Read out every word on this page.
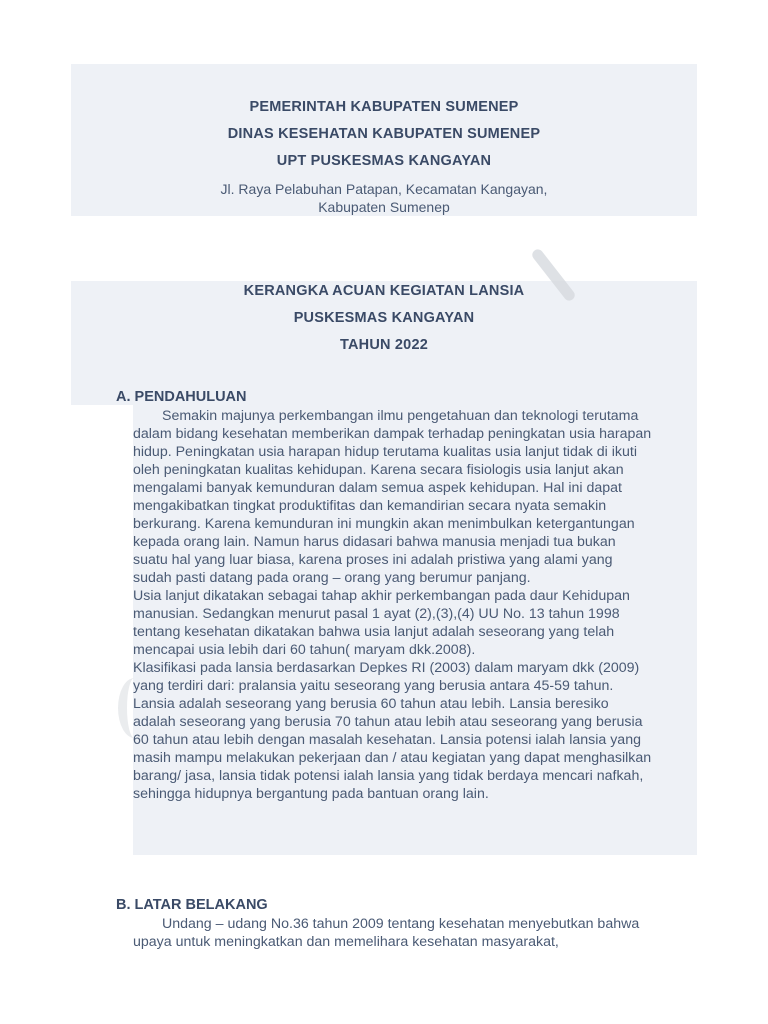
PEMERINTAH KABUPATEN SUMENEP
DINAS KESEHATAN KABUPATEN SUMENEP
UPT PUSKESMAS KANGAYAN
Jl. Raya Pelabuhan Patapan, Kecamatan Kangayan,
Kabupaten Sumenep
KERANGKA ACUAN KEGIATAN LANSIA
PUSKESMAS KANGAYAN
TAHUN 2022
A. PENDAHULUAN

Semakin majunya perkembangan ilmu pengetahuan dan teknologi terutama dalam bidang kesehatan memberikan dampak terhadap peningkatan usia harapan hidup. Peningkatan usia harapan hidup terutama kualitas usia lanjut tidak di ikuti oleh peningkatan kualitas kehidupan. Karena secara fisiologis usia lanjut akan mengalami banyak kemunduran dalam semua aspek kehidupan. Hal ini dapat mengakibatkan tingkat produktifitas dan kemandirian secara nyata semakin berkurang. Karena kemunduran ini mungkin akan menimbulkan ketergantungan kepada orang lain. Namun harus didasari bahwa manusia menjadi tua bukan suatu hal yang luar biasa, karena proses ini adalah pristiwa yang alami yang sudah pasti datang pada orang – orang yang berumur panjang.

Usia lanjut dikatakan sebagai tahap akhir perkembangan pada daur Kehidupan manusian. Sedangkan menurut pasal 1 ayat (2),(3),(4) UU No. 13 tahun 1998 tentang kesehatan dikatakan bahwa usia lanjut adalah seseorang yang telah mencapai usia lebih dari 60 tahun( maryam dkk.2008).

Klasifikasi pada lansia berdasarkan Depkes RI (2003) dalam maryam dkk (2009) yang terdiri dari: pralansia yaitu seseorang yang berusia antara 45-59 tahun. Lansia adalah seseorang yang berusia 60 tahun atau lebih. Lansia beresiko adalah seseorang yang berusia 70 tahun atau lebih atau seseorang yang berusia 60 tahun atau lebih dengan masalah kesehatan. Lansia potensi ialah lansia yang masih mampu melakukan pekerjaan dan / atau kegiatan yang dapat menghasilkan barang/ jasa, lansia tidak potensi ialah lansia yang tidak berdaya mencari nafkah, sehingga hidupnya bergantung pada bantuan orang lain.

B. LATAR BELAKANG

Undang – udang No.36 tahun 2009 tentang kesehatan menyebutkan bahwa upaya untuk meningkatkan dan memelihara kesehatan masyarakat,
